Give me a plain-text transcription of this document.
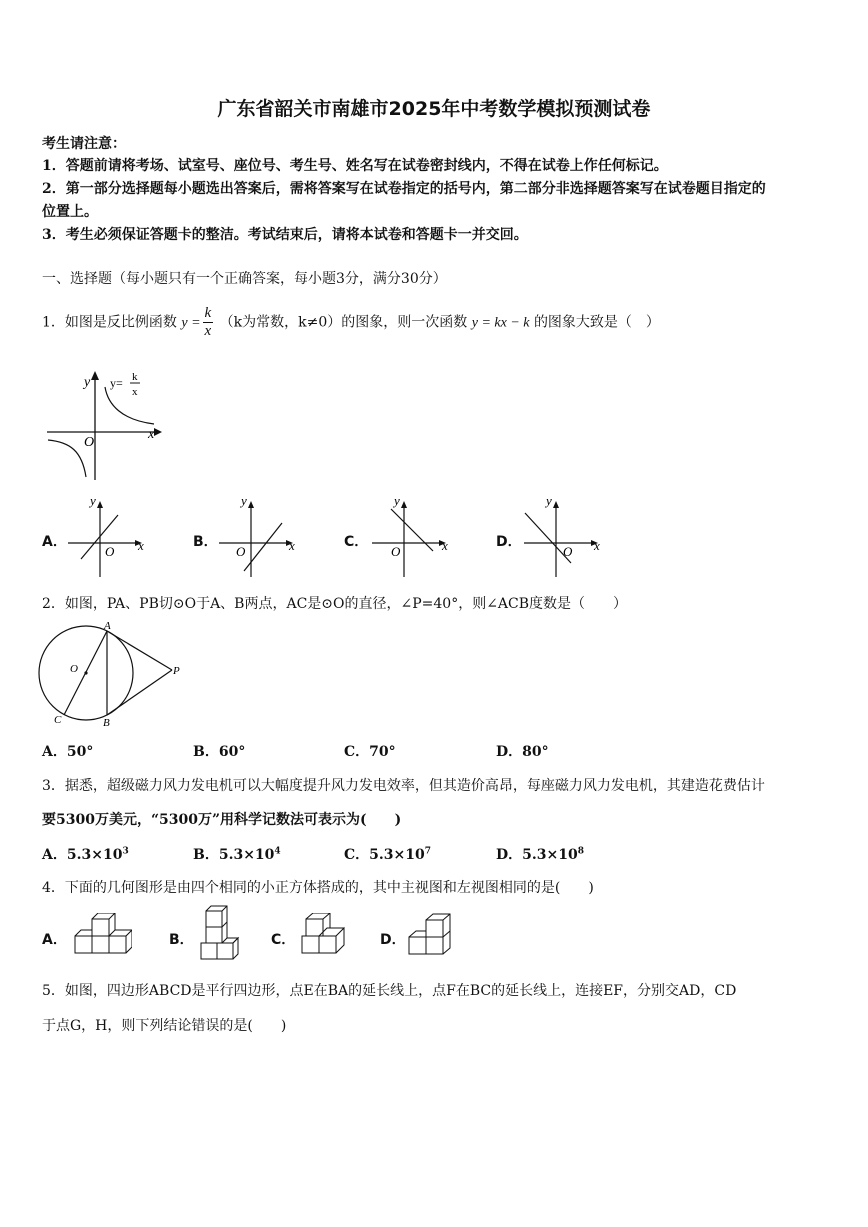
广东省韶关市南雄市2025年中考数学模拟预测试卷
考生请注意：
1．答题前请将考场、试室号、座位号、考生号、姓名写在试卷密封线内，不得在试卷上作任何标记。
2．第一部分选择题每小题选出答案后，需将答案写在试卷指定的括号内，第二部分非选择题答案写在试卷题目指定的
位置上。
3．考生必须保证答题卡的整洁。考试结束后，请将本试卷和答题卡一并交回。
一、选择题（每小题只有一个正确答案，每小题3分，满分30分）
1．如图是反比例函数 $y = \frac{k}{x} (k$为常数，k≠0）的图象，则一次函数 y = kx − k 的图象大致是（　）
y
x
O
y= k
x
A．
y
x
O
B．
y
x
O
C．
y
x
O
D．
y
x
O
2．如图，PA、PB切⊙O于A、B两点，AC是⊙O的直径，∠P=40°，则∠ACB度数是（　　）
A
B
C
O	P
A．50°	B．60°	C．70°	D．80°
3．据悉，超级磁力风力发电机可以大幅度提升风力发电效率，但其造价高昂，每座磁力风力发电机，其建造花费估计
要5300万美元，“5300万”用科学记数法可表示为(　　)
A．$5.3\times 10^3$	B．$5.3\times 10^4$	C．$5.3\times 10^7$	D．$5.3\times 10^8$
4．下面的几何图形是由四个相同的小正方体搭成的，其中主视图和左视图相同的是(　　)
A．	B．	C．	D．
5．如图，四边形ABCD是平行四边形，点E在BA的延长线上，点F在BC的延长线上，连接EF，分别交AD，CD
于点G，H，则下列结论错误的是(　　)
